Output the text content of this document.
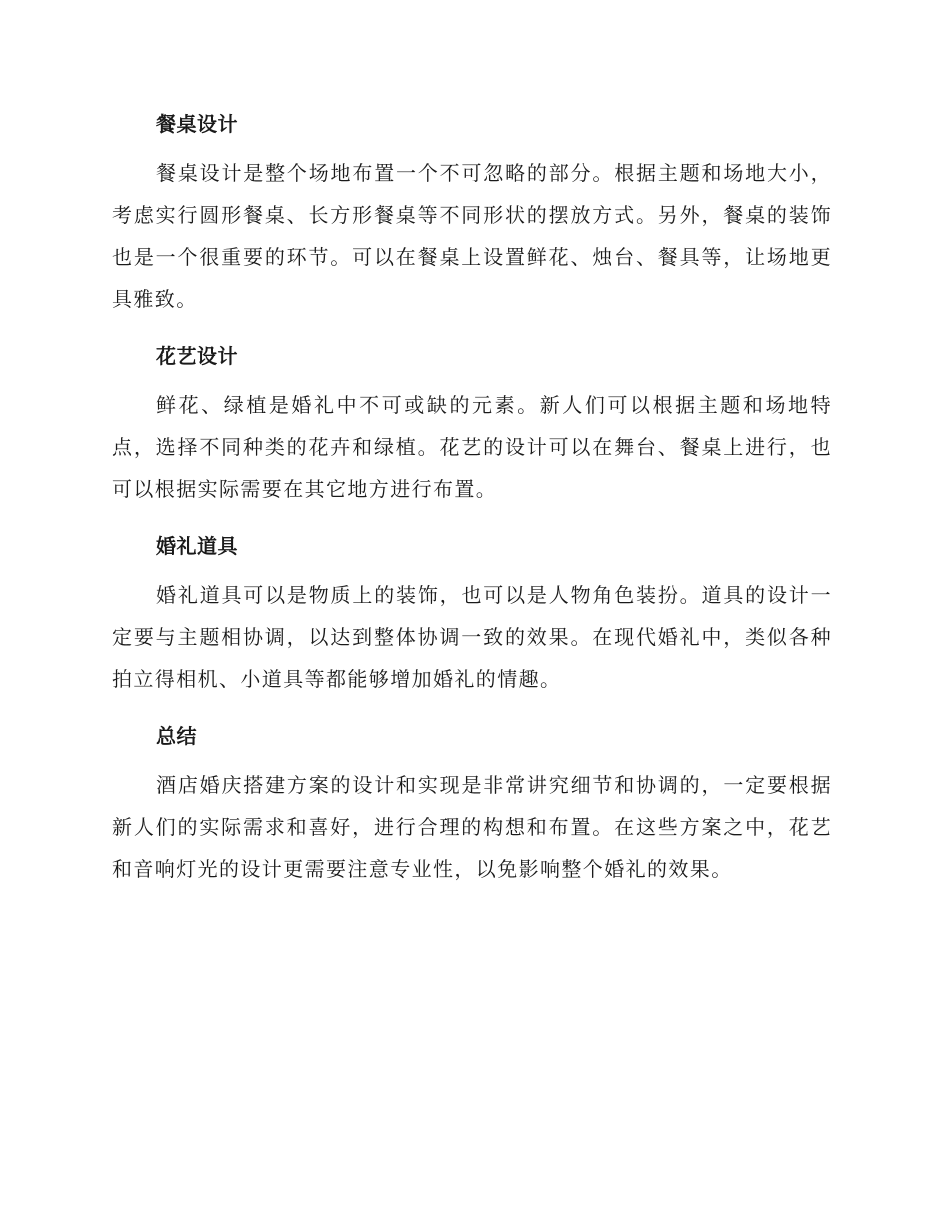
餐桌设计

餐桌设计是整个场地布置一个不可忽略的部分。根据主题和场地大小，考虑实行圆形餐桌、长方形餐桌等不同形状的摆放方式。另外，餐桌的装饰也是一个很重要的环节。可以在餐桌上设置鲜花、烛台、餐具等，让场地更具雅致。

花艺设计

鲜花、绿植是婚礼中不可或缺的元素。新人们可以根据主题和场地特点，选择不同种类的花卉和绿植。花艺的设计可以在舞台、餐桌上进行，也可以根据实际需要在其它地方进行布置。

婚礼道具

婚礼道具可以是物质上的装饰，也可以是人物角色装扮。道具的设计一定要与主题相协调，以达到整体协调一致的效果。在现代婚礼中，类似各种拍立得相机、小道具等都能够增加婚礼的情趣。

总结

酒店婚庆搭建方案的设计和实现是非常讲究细节和协调的，一定要根据新人们的实际需求和喜好，进行合理的构想和布置。在这些方案之中，花艺和音响灯光的设计更需要注意专业性，以免影响整个婚礼的效果。
